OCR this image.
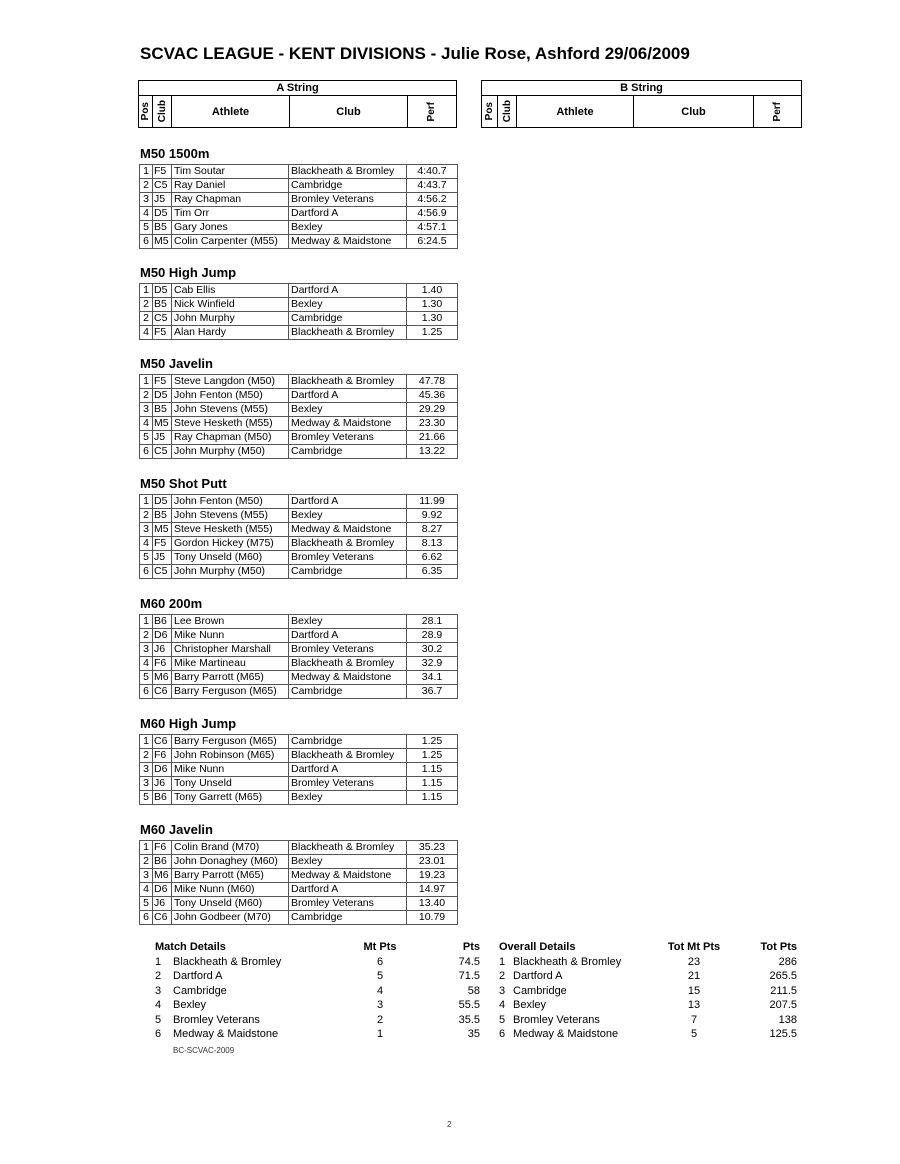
SCVAC LEAGUE - KENT DIVISIONS - Julie Rose, Ashford 29/06/2009
A String
Pos Club	Athlete	Club	Perf
B String
Pos Club	Athlete	Club	Perf
M50 1500m
1	F5	Tim Soutar	Blackheath & Bromley	4:40.7
2	C5	Ray Daniel	Cambridge	4:43.7
3	J5	Ray Chapman	Bromley Veterans	4:56.2
4	D5	Tim Orr	Dartford A	4:56.9
5	B5	Gary Jones	Bexley	4:57.1
6	M5	Colin Carpenter (M55)	Medway & Maidstone	6:24.5
M50 High Jump
1	D5	Cab Ellis	Dartford A	1.40
2	B5	Nick Winfield	Bexley	1.30
2	C5	John Murphy	Cambridge	1.30
4	F5	Alan Hardy	Blackheath & Bromley	1.25
M50 Javelin
1	F5	Steve Langdon (M50)	Blackheath & Bromley	47.78
2	D5	John Fenton (M50)	Dartford A	45.36
3	B5	John Stevens (M55)	Bexley	29.29
4	M5	Steve Hesketh (M55)	Medway & Maidstone	23.30
5	J5	Ray Chapman (M50)	Bromley Veterans	21.66
6	C5	John Murphy (M50)	Cambridge	13.22
M50 Shot Putt
1	D5	John Fenton (M50)	Dartford A	11.99
2	B5	John Stevens (M55)	Bexley	9.92
3	M5	Steve Hesketh (M55)	Medway & Maidstone	8.27
4	F5	Gordon Hickey (M75)	Blackheath & Bromley	8.13
5	J5	Tony Unseld (M60)	Bromley Veterans	6.62
6	C5	John Murphy (M50)	Cambridge	6.35
M60 200m
1	B6	Lee Brown	Bexley	28.1
2	D6	Mike Nunn	Dartford A	28.9
3	J6	Christopher Marshall	Bromley Veterans	30.2
4	F6	Mike Martineau	Blackheath & Bromley	32.9
5	M6	Barry Parrott (M65)	Medway & Maidstone	34.1
6	C6	Barry Ferguson (M65)	Cambridge	36.7
M60 High Jump
1	C6	Barry Ferguson (M65)	Cambridge	1.25
2	F6	John Robinson (M65)	Blackheath & Bromley	1.25
3	D6	Mike Nunn	Dartford A	1.15
3	J6	Tony Unseld	Bromley Veterans	1.15
5	B6	Tony Garrett (M65)	Bexley	1.15
M60 Javelin
1	F6	Colin Brand (M70)	Blackheath & Bromley	35.23
2	B6	John Donaghey (M60)	Bexley	23.01
3	M6	Barry Parrott (M65)	Medway & Maidstone	19.23
4	D6	Mike Nunn (M60)	Dartford A	14.97
5	J6	Tony Unseld (M60)	Bromley Veterans	13.40
6	C6	John Godbeer (M70)	Cambridge	10.79
Match Details	Mt Pts	Pts
1	Blackheath & Bromley	6	74.5
2	Dartford A	5	71.5
3	Cambridge	4	58
4	Bexley	3	55.5
5	Bromley Veterans	2	35.5
6	Medway & Maidstone	1	35
Overall Details	Tot Mt Pts	Tot Pts
1 Blackheath & Bromley	23	286
2 Dartford A	21	265.5
3 Cambridge	15	211.5
4 Bexley	13	207.5
5 Bromley Veterans	7	138
6 Medway & Maidstone	5	125.5
BC-SCVAC-2009
2
